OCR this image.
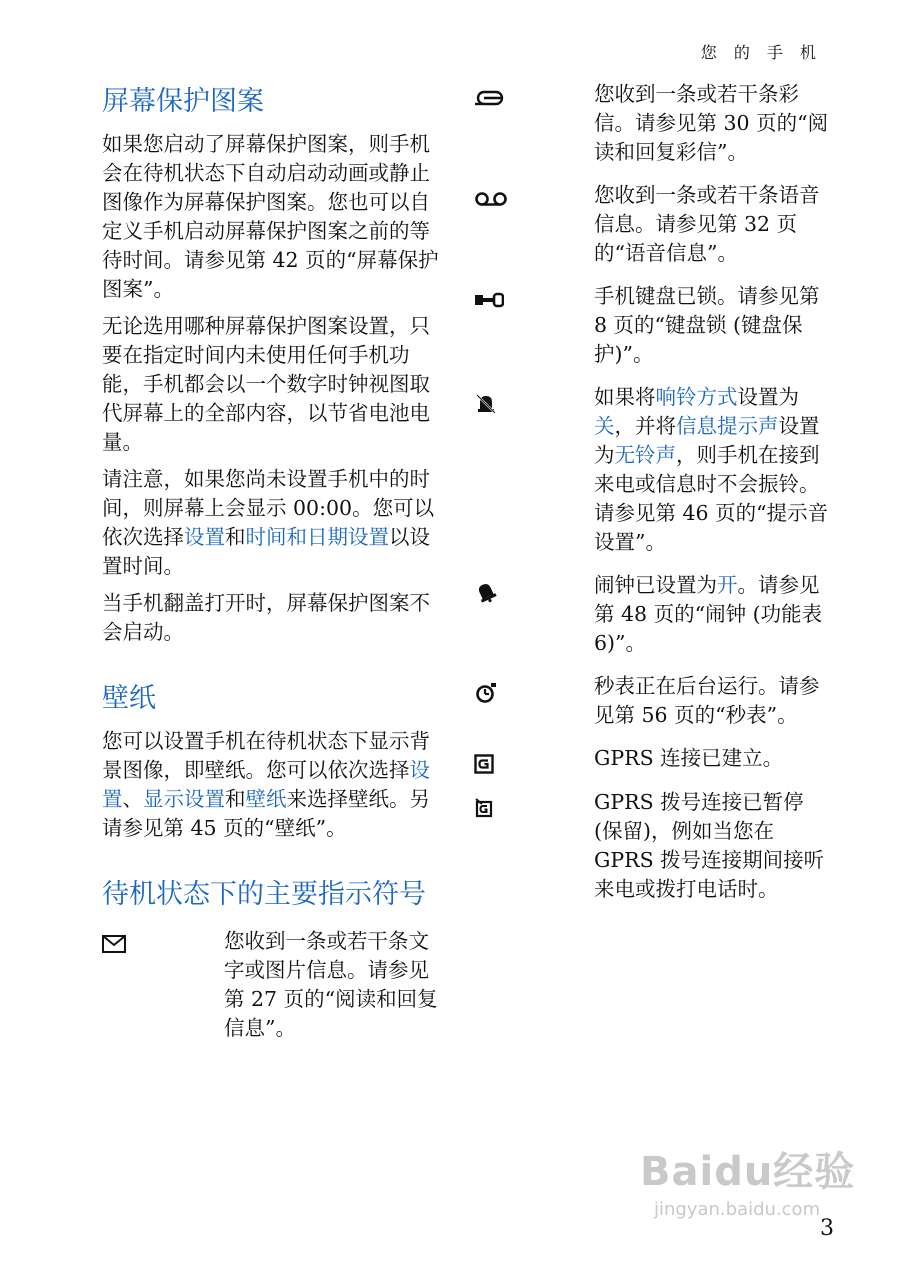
您 的 手 机
屏幕保护图案

如果您启动了屏幕保护图案，则手机会在待机状态下自动启动动画或静止图像作为屏幕保护图案。您也可以自定义手机启动屏幕保护图案之前的等待时间。请参见第 42 页的“屏幕保护图案”。

无论选用哪种屏幕保护图案设置，只要在指定时间内未使用任何手机功能，手机都会以一个数字时钟视图取代屏幕上的全部内容，以节省电池电量。

请注意，如果您尚未设置手机中的时间，则屏幕上会显示 00:00。您可以依次选择设置和时间和日期设置以设置时间。

当手机翻盖打开时，屏幕保护图案不会启动。

壁纸

您可以设置手机在待机状态下显示背景图像，即壁纸。您可以依次选择设置、显示设置和壁纸来选择壁纸。另请参见第 45 页的“壁纸”。

待机状态下的主要指示符号

您收到一条或若干条文字或图片信息。请参见第 27 页的“阅读和回复信息”。

您收到一条或若干条彩信。请参见第 30 页的“阅读和回复彩信”。

您收到一条或若干条语音信息。请参见第 32 页的“语音信息”。

手机键盘已锁。请参见第 8 页的“键盘锁 (键盘保护)”。

如果将响铃方式设置为关，并将信息提示声设置为无铃声，则手机在接到来电或信息时不会振铃。请参见第 46 页的“提示音设置”。

闹钟已设置为开。请参见第 48 页的“闹钟 (功能表 6)”。

秒表正在后台运行。请参见第 56 页的“秒表”。

GPRS 连接已建立。

GPRS 拨号连接已暂停 (保留)，例如当您在 GPRS 拨号连接期间接听来电或拨打电话时。

Baidu经验
jingyan.baidu.com
3
